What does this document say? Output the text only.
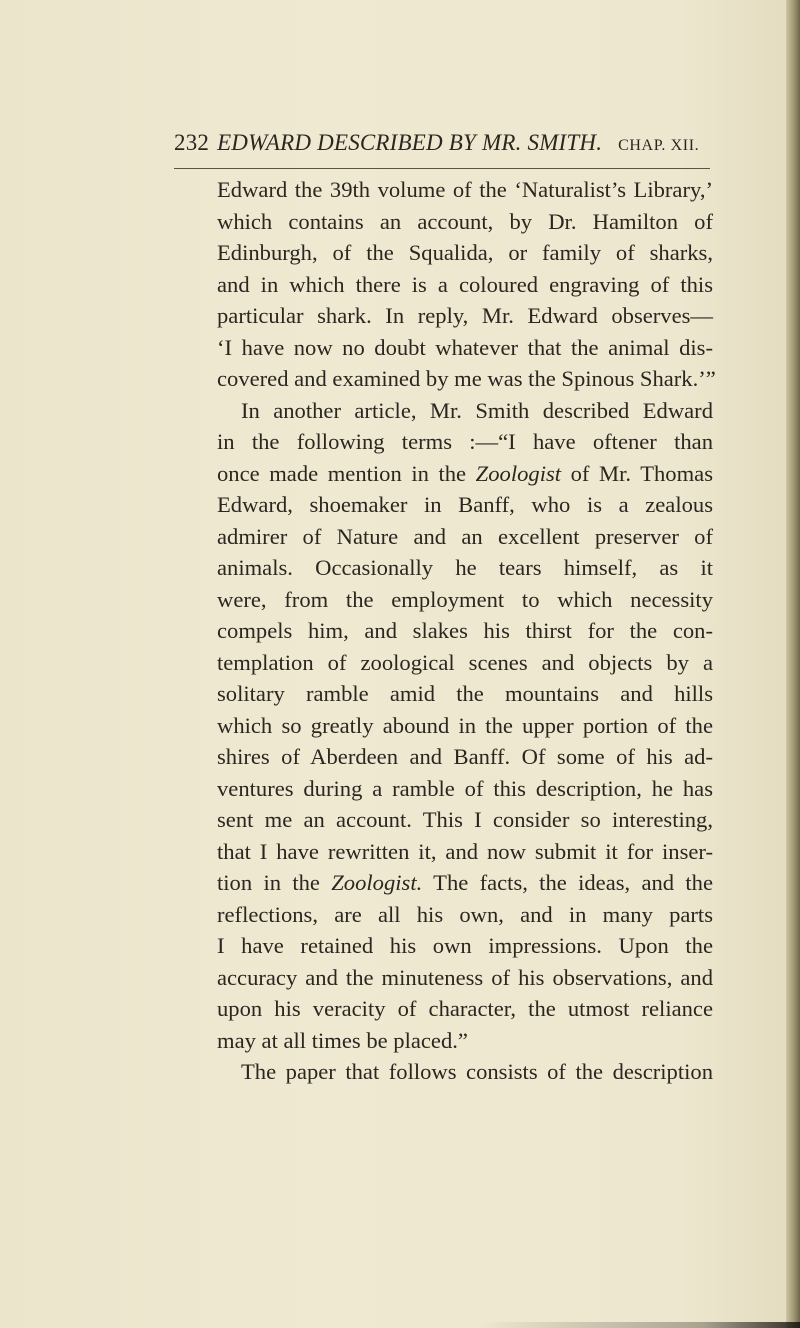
232 EDWARD DESCRIBED BY MR. SMITH. CHAP. XII.
Edward the 39th volume of the ‘Naturalist’s Library,’
which contains an account, by Dr. Hamilton of
Edinburgh, of the Squalida, or family of sharks,
and in which there is a coloured engraving of this
particular shark. In reply, Mr. Edward observes—
‘I have now no doubt whatever that the animal dis-
covered and examined by me was the Spinous Shark.’”
In another article, Mr. Smith described Edward
in the following terms :—“I have oftener than
once made mention in the Zoologist of Mr. Thomas
Edward, shoemaker in Banff, who is a zealous
admirer of Nature and an excellent preserver of
animals. Occasionally he tears himself, as it
were, from the employment to which necessity
compels him, and slakes his thirst for the con-
templation of zoological scenes and objects by a
solitary ramble amid the mountains and hills
which so greatly abound in the upper portion of the
shires of Aberdeen and Banff. Of some of his ad-
ventures during a ramble of this description, he has
sent me an account. This I consider so interesting,
that I have rewritten it, and now submit it for inser-
tion in the Zoologist. The facts, the ideas, and the
reflections, are all his own, and in many parts
I have retained his own impressions. Upon the
accuracy and the minuteness of his observations, and
upon his veracity of character, the utmost reliance
may at all times be placed.”
The paper that follows consists of the description
